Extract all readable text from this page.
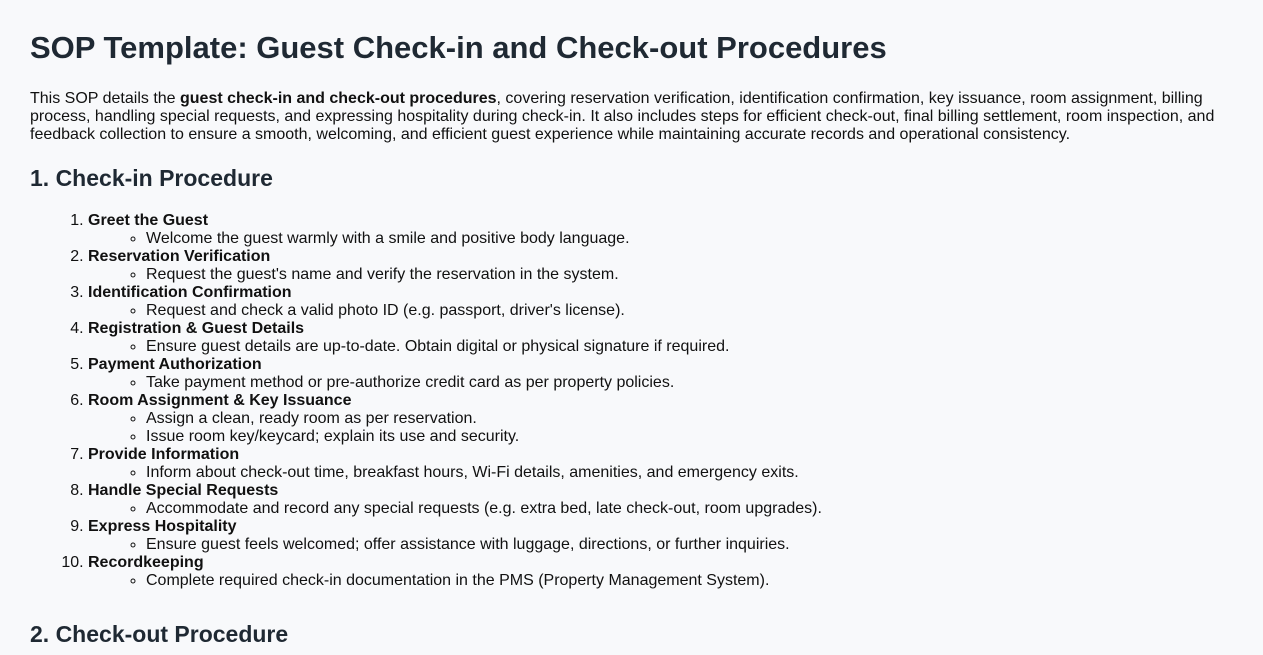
SOP Template: Guest Check-in and Check-out Procedures

This SOP details the guest check-in and check-out procedures, covering reservation verification, identification confirmation, key issuance, room assignment, billing process, handling special requests, and expressing hospitality during check-in. It also includes steps for efficient check-out, final billing settlement, room inspection, and feedback collection to ensure a smooth, welcoming, and efficient guest experience while maintaining accurate records and operational consistency.

1. Check-in Procedure
1. Greet the Guest
◦ Welcome the guest warmly with a smile and positive body language.
2. Reservation Verification
◦ Request the guest's name and verify the reservation in the system.
3. Identification Confirmation
◦ Request and check a valid photo ID (e.g. passport, driver's license).
4. Registration & Guest Details
◦ Ensure guest details are up-to-date. Obtain digital or physical signature if required.
5. Payment Authorization
◦ Take payment method or pre-authorize credit card as per property policies.
6. Room Assignment & Key Issuance
◦ Assign a clean, ready room as per reservation.
◦ Issue room key/keycard; explain its use and security.
7. Provide Information
◦ Inform about check-out time, breakfast hours, Wi-Fi details, amenities, and emergency exits.
8. Handle Special Requests
◦ Accommodate and record any special requests (e.g. extra bed, late check-out, room upgrades).
9. Express Hospitality
◦ Ensure guest feels welcomed; offer assistance with luggage, directions, or further inquiries.
10. Recordkeeping
◦ Complete required check-in documentation in the PMS (Property Management System).
2. Check-out Procedure
